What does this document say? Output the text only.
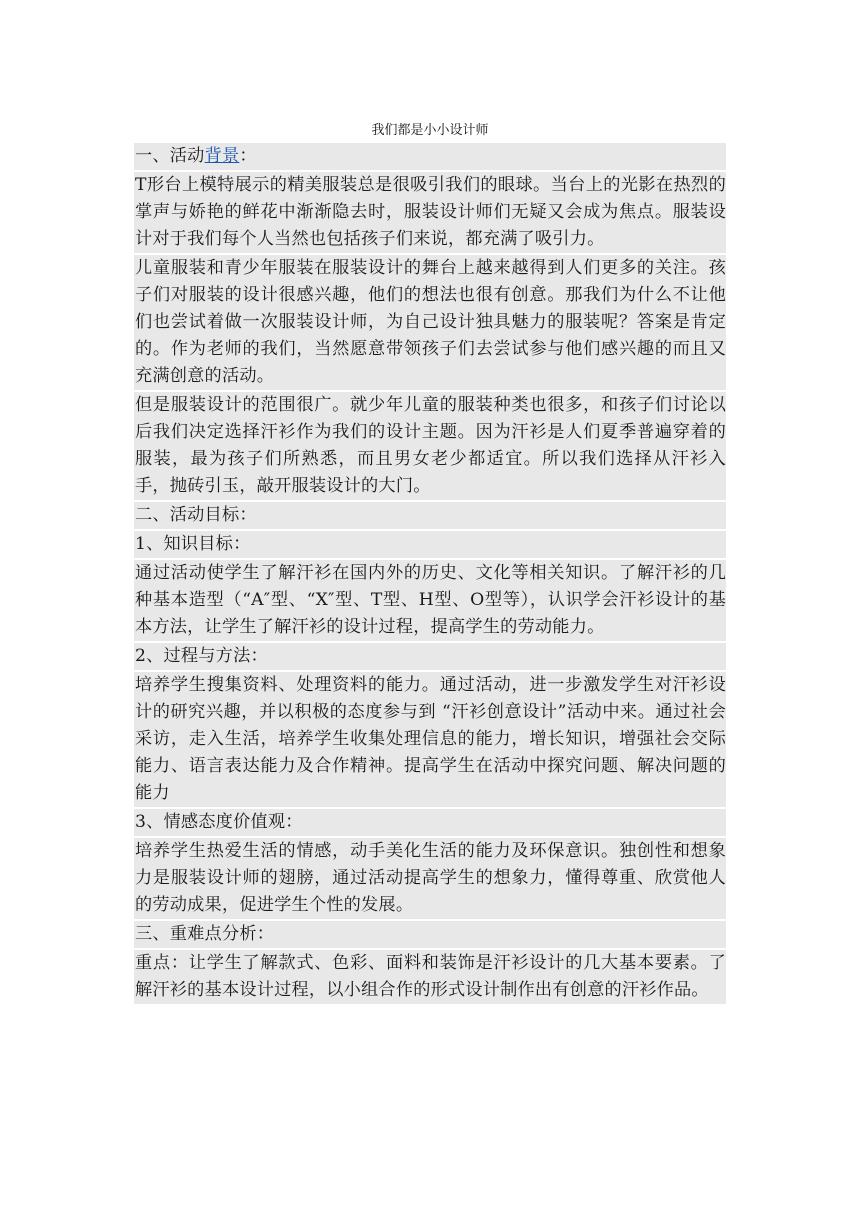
我们都是小小设计师
一、活动背景：
T形台上模特展示的精美服装总是很吸引我们的眼球。当台上的光影在热烈的掌声与娇艳的鲜花中渐渐隐去时，服装设计师们无疑又会成为焦点。服装设计对于我们每个人当然也包括孩子们来说，都充满了吸引力。
儿童服装和青少年服装在服装设计的舞台上越来越得到人们更多的关注。孩子们对服装的设计很感兴趣，他们的想法也很有创意。那我们为什么不让他们也尝试着做一次服装设计师，为自己设计独具魅力的服装呢？答案是肯定的。作为老师的我们，当然愿意带领孩子们去尝试参与他们感兴趣的而且又充满创意的活动。
但是服装设计的范围很广。就少年儿童的服装种类也很多，和孩子们讨论以后我们决定选择汗衫作为我们的设计主题。因为汗衫是人们夏季普遍穿着的服装，最为孩子们所熟悉，而且男女老少都适宜。所以我们选择从汗衫入手，抛砖引玉，敲开服装设计的大门。
二、活动目标：
1、知识目标：
通过活动使学生了解汗衫在国内外的历史、文化等相关知识。了解汗衫的几种基本造型（“A″型、“X″型、T型、H型、O型等），认识学会汗衫设计的基本方法，让学生了解汗衫的设计过程，提高学生的劳动能力。
2、过程与方法：
培养学生搜集资料、处理资料的能力。通过活动，进一步激发学生对汗衫设计的研究兴趣，并以积极的态度参与到 “汗衫创意设计”活动中来。通过社会采访，走入生活，培养学生收集处理信息的能力，增长知识，增强社会交际能力、语言表达能力及合作精神。提高学生在活动中探究问题、解决问题的能力
3、情感态度价值观：
培养学生热爱生活的情感，动手美化生活的能力及环保意识。独创性和想象力是服装设计师的翅膀，通过活动提高学生的想象力，懂得尊重、欣赏他人的劳动成果，促进学生个性的发展。
三、重难点分析：
重点：让学生了解款式、色彩、面料和装饰是汗衫设计的几大基本要素。了解汗衫的基本设计过程，以小组合作的形式设计制作出有创意的汗衫作品。
